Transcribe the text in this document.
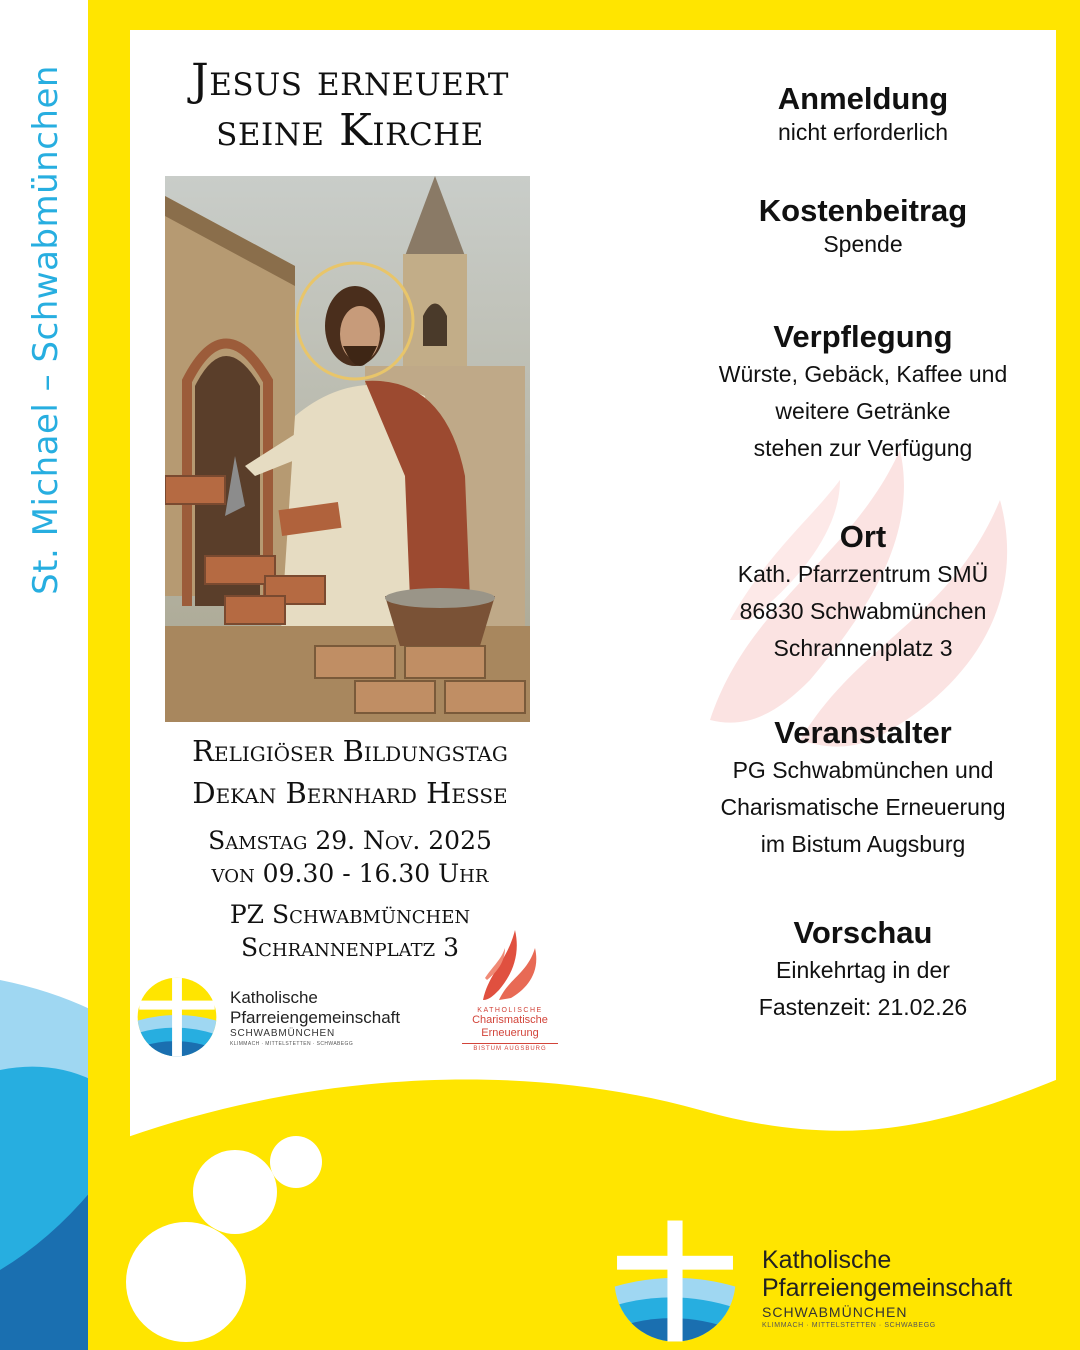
St. Michael – Schwabmünchen	Jesus erneuert
seine Kirche
Religiöser Bildungstag
Dekan Bernhard Hesse
Samstag 29. Nov. 2025
von 09.30 - 16.30 Uhr
PZ Schwabmünchen
Schrannenplatz 3
Katholische
Pfarreiengemeinschaft
SCHWABMÜNCHEN
KLIMMACH · MITTELSTETTEN · SCHWABEGG
KATHOLISCHE
Charismatische
Erneuerung
BISTUM AUGSBURG
Anmeldung

nicht erforderlich

Kostenbeitrag

Spende

Verpflegung

Würste, Gebäck, Kaffee und

weitere Getränke

stehen zur Verfügung

Ort

Kath. Pfarrzentrum SMÜ

86830 Schwabmünchen

Schrannenplatz 3

Veranstalter

PG Schwabmünchen und

Charismatische Erneuerung

im Bistum Augsburg

Vorschau

Einkehrtag in der

Fastenzeit: 21.02.26

Katholische
Pfarreiengemeinschaft
SCHWABMÜNCHEN
KLIMMACH · MITTELSTETTEN · SCHWABEGG
